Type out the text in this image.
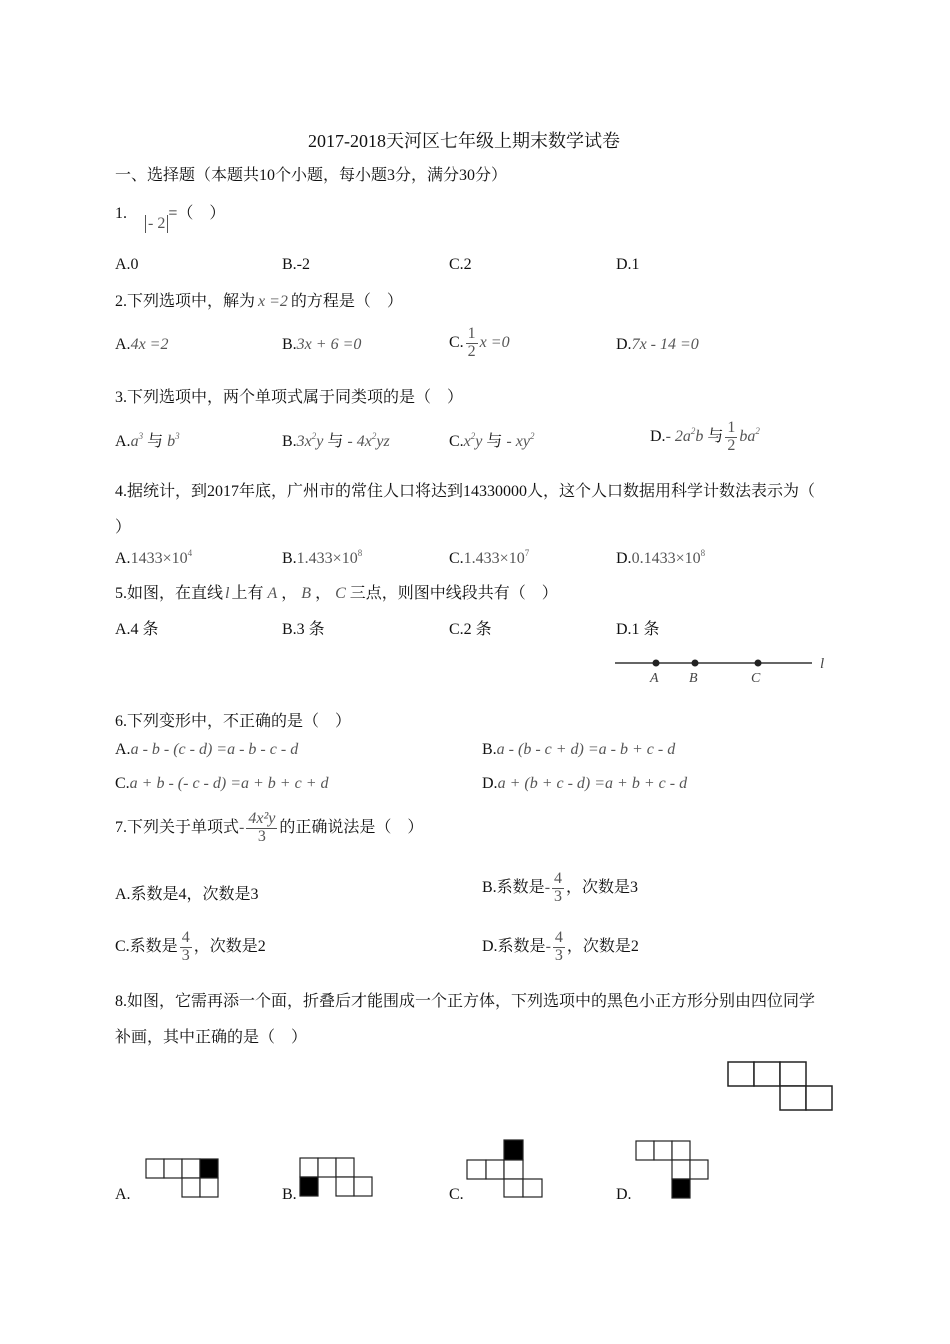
2017-2018天河区七年级上期末数学试卷
一、选择题（本题共10个小题，每小题3分，满分30分）
1. - 2=（　）
A.0	B.-2	C.2	D.1
2.下列选项中，解为 x =2 的方程是（　）
A.4x =2	B.3x + 6 =0	C. $\frac{1}{2}$ x =0	D.7x - 14 =0
3.下列选项中，两个单项式属于同类项的是（　）
$A.a^3$ 与 $b^3$	$B.3x^2y$ 与 - $4x^2yz$	$C.x^2y$ 与 - $xy^2$	D.- $2a^2b$ 与 $\frac{1}{2} ba^2$
4.据统计，到2017年底，广州市的常住人口将达到14330000人，这个人口数据用科学计数法表示为（
）
$A.1433\times 10^4$	$B.1.433\times 10^8$	$C.1.433\times 10^7$	$D.0.1433\times 10^8$
5.如图，在直线 l 上有 A ， B ， C 三点，则图中线段共有（　）
A.4 条	B.3 条	C.2 条	D.1 条
A B	C
l
6.下列变形中，不正确的是（　）
A.a - b - (c - d) =a - b - c - d	B.a - (b - c + d) =a - b + c - d
C.a + b - (- c - d) =a + b + c + d	D.a + (b + c - d) =a + b + c - d
7.下列关于单项式- $\frac{\text{4x²y}}{3}$ 的正确说法是（　）
A.系数是4，次数是3	B.系数是- $\frac{4}{3}$ ，次数是3
C.系数是 $\frac{4}{3}$ ，次数是2	D.系数是- $\frac{4}{3}$ ，次数是2
8.如图，它需再添一个面，折叠后才能围成一个正方体，下列选项中的黑色小正方形分别由四位同学
补画，其中正确的是（　）
A.	B.	C.	D.
